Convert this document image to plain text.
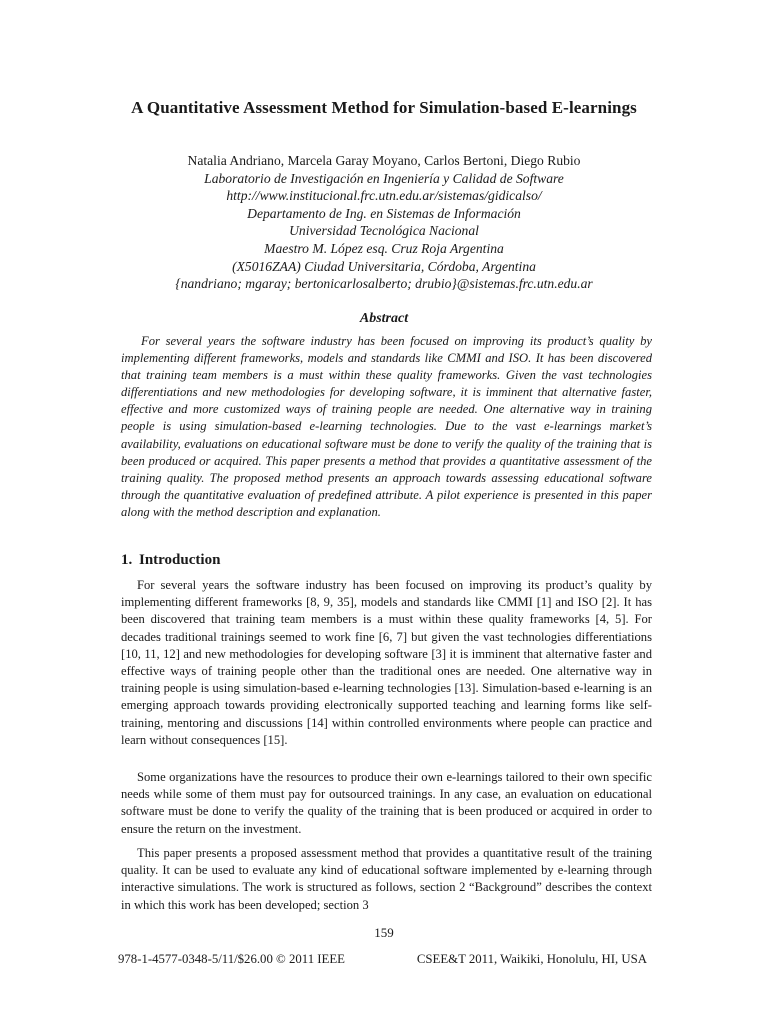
A Quantitative Assessment Method for Simulation-based E-learnings
Natalia Andriano, Marcela Garay Moyano, Carlos Bertoni, Diego Rubio
Laboratorio de Investigación en Ingeniería y Calidad de Software
http://www.institucional.frc.utn.edu.ar/sistemas/gidicalso/
Departamento de Ing. en Sistemas de Información
Universidad Tecnológica Nacional
Maestro M. López esq. Cruz Roja Argentina
(X5016ZAA) Ciudad Universitaria, Córdoba, Argentina
{nandriano; mgaray; bertonicarlosalberto; drubio}@sistemas.frc.utn.edu.ar
Abstract

For several years the software industry has been focused on improving its product’s quality by implementing different frameworks, models and standards like CMMI and ISO. It has been discovered that training team members is a must within these quality frameworks. Given the vast technologies differentiations and new methodologies for developing software, it is imminent that alternative faster, effective and more customized ways of training people are needed. One alternative way in training people is using simulation-based e-learning technologies. Due to the vast e-learnings market’s availability, evaluations on educational software must be done to verify the quality of the training that is been produced or acquired. This paper presents a method that provides a quantitative assessment of the training quality. The proposed method presents an approach towards assessing educational software through the quantitative evaluation of predefined attribute. A pilot experience is presented in this paper along with the method description and explanation.

1. Introduction

For several years the software industry has been focused on improving its product’s quality by implementing different frameworks [8, 9, 35], models and standards like CMMI [1] and ISO [2]. It has been discovered that training team members is a must within these quality frameworks [4, 5]. For decades traditional trainings seemed to work fine [6, 7] but given the vast technologies differentiations [10, 11, 12] and new methodologies for developing software [3] it is imminent that alternative faster and effective ways of training people other than the traditional ones are needed. One alternative way in training people is using simulation-based e-learning technologies [13]. Simulation-based e-learning is an emerging approach towards providing electronically supported teaching and learning forms like self-training, mentoring and discussions [14] within controlled environments where people can practice and learn without consequences [15].

Some organizations have the resources to produce their own e-learnings tailored to their own specific needs while some of them must pay for outsourced trainings. In any case, an evaluation on educational software must be done to verify the quality of the training that is been produced or acquired in order to ensure the return on the investment.

This paper presents a proposed assessment method that provides a quantitative result of the training quality. It can be used to evaluate any kind of educational software implemented by e-learning through interactive simulations. The work is structured as follows, section 2 “Background” describes the context in which this work has been developed; section 3

159
978-1-4577-0348-5/11/$26.00 © 2011 IEEE	CSEE&T 2011, Waikiki, Honolulu, HI, USA
